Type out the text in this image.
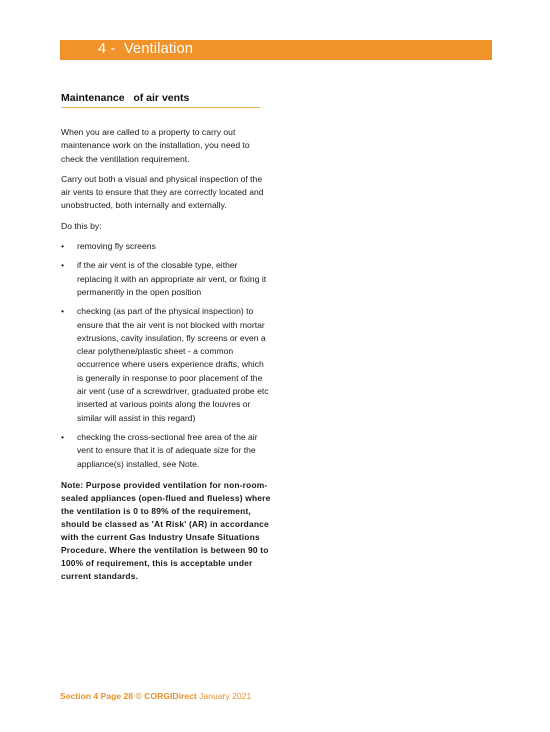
4 -  Ventilation
Maintenance   of air vents

When you are called to a property to carry out maintenance work on the installation, you need to check the ventilation requirement.

Carry out both a visual and physical inspection of the air vents to ensure that they are correctly located and unobstructed, both internally and externally.

Do this by:

• removing fly screens
• if the air vent is of the closable type, either replacing it with an appropriate air vent, or fixing it permanently in the open position
• checking (as part of the physical inspection) to ensure that the air vent is not blocked with mortar extrusions, cavity insulation, fly screens or even a clear polythene/plastic sheet - a common occurrence where users experience drafts, which is generally in response to poor placement of the air vent (use of a screwdriver, graduated probe etc inserted at various points along the louvres or similar will assist in this regard)
• checking the cross-sectional free area of the air vent to ensure that it is of adequate size for the appliance(s) installed, see Note.
Note: Purpose provided ventilation for non-room-sealed appliances (open-flued and flueless) where the ventilation is 0 to 89% of the requirement, should be classed as 'At Risk' (AR) in accordance with the current Gas Industry Unsafe Situations Procedure. Where the ventilation is between 90 to 100% of requirement, this is acceptable under current standards.
Section 4 Page 28 © CORGIDirect January 2021
